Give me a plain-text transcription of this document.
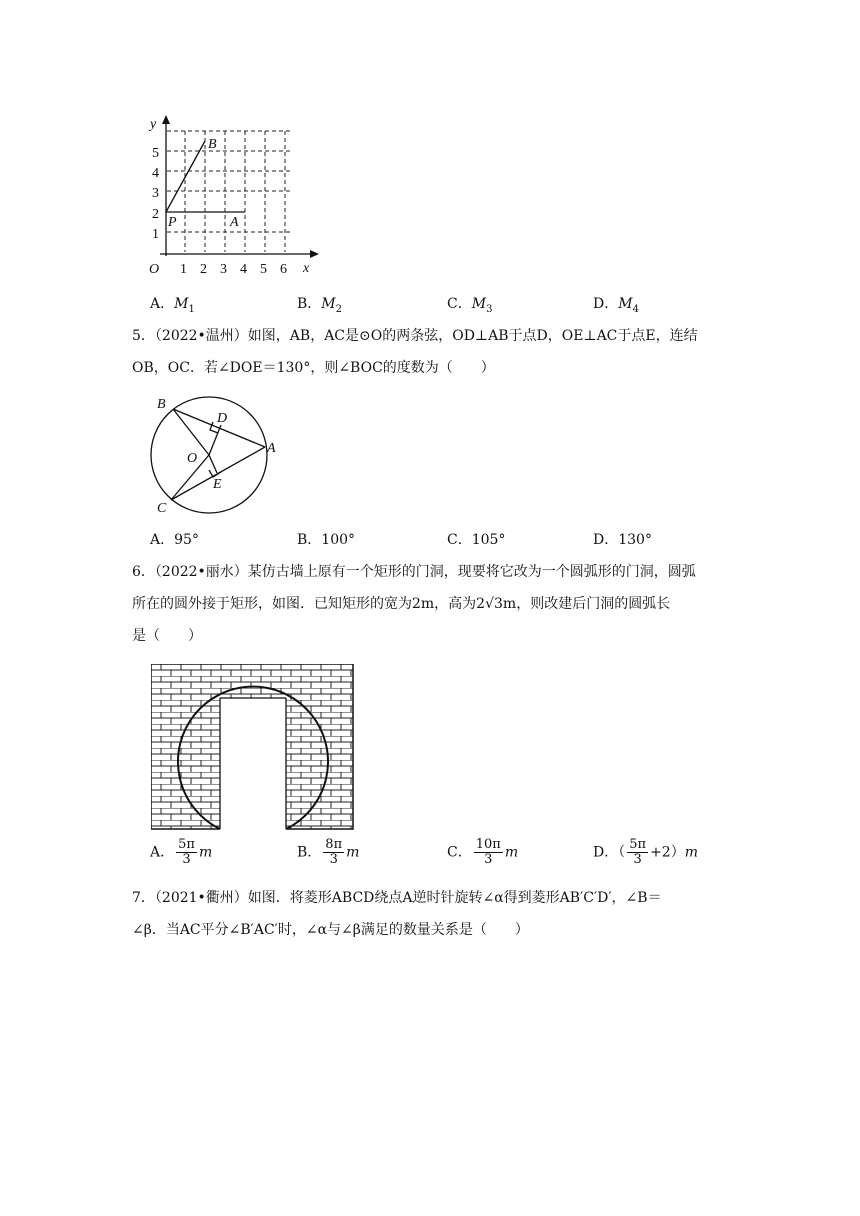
y
x
O
1
2
3
4
5
1 2 3 4 5 6
B
P	A
A．$M_1$	B．$M_2$	C．$M_3$	D．$M_4$
5．（2022•温州）如图，AB，AC是⊙O的两条弦，OD⊥AB于点D，OE⊥AC于点E，连结
OB，OC．若∠DOE＝130°，则∠BOC的度数为（　　）
B
D
O
A
E
C
A．95°	B．100°	C．105°	D．130°
6．（2022•丽水）某仿古墙上原有一个矩形的门洞，现要将它改为一个圆弧形的门洞，圆弧
所在的圆外接于矩形，如图．已知矩形的宽为2m，高为2√3m，则改建后门洞的圆弧长
是（　　）
A． $\frac{5\pi}{3}$ m	B． $\frac{8\pi}{3}$ m	C． $\frac{10\pi}{3}$ m	D．（ $\frac{5\pi}{3} +2)m$
7．（2021•衢州）如图．将菱形ABCD绕点A逆时针旋转∠α得到菱形AB′C′D′，∠B＝
∠β．当AC平分∠B′AC′时，∠α与∠β满足的数量关系是（　　）
